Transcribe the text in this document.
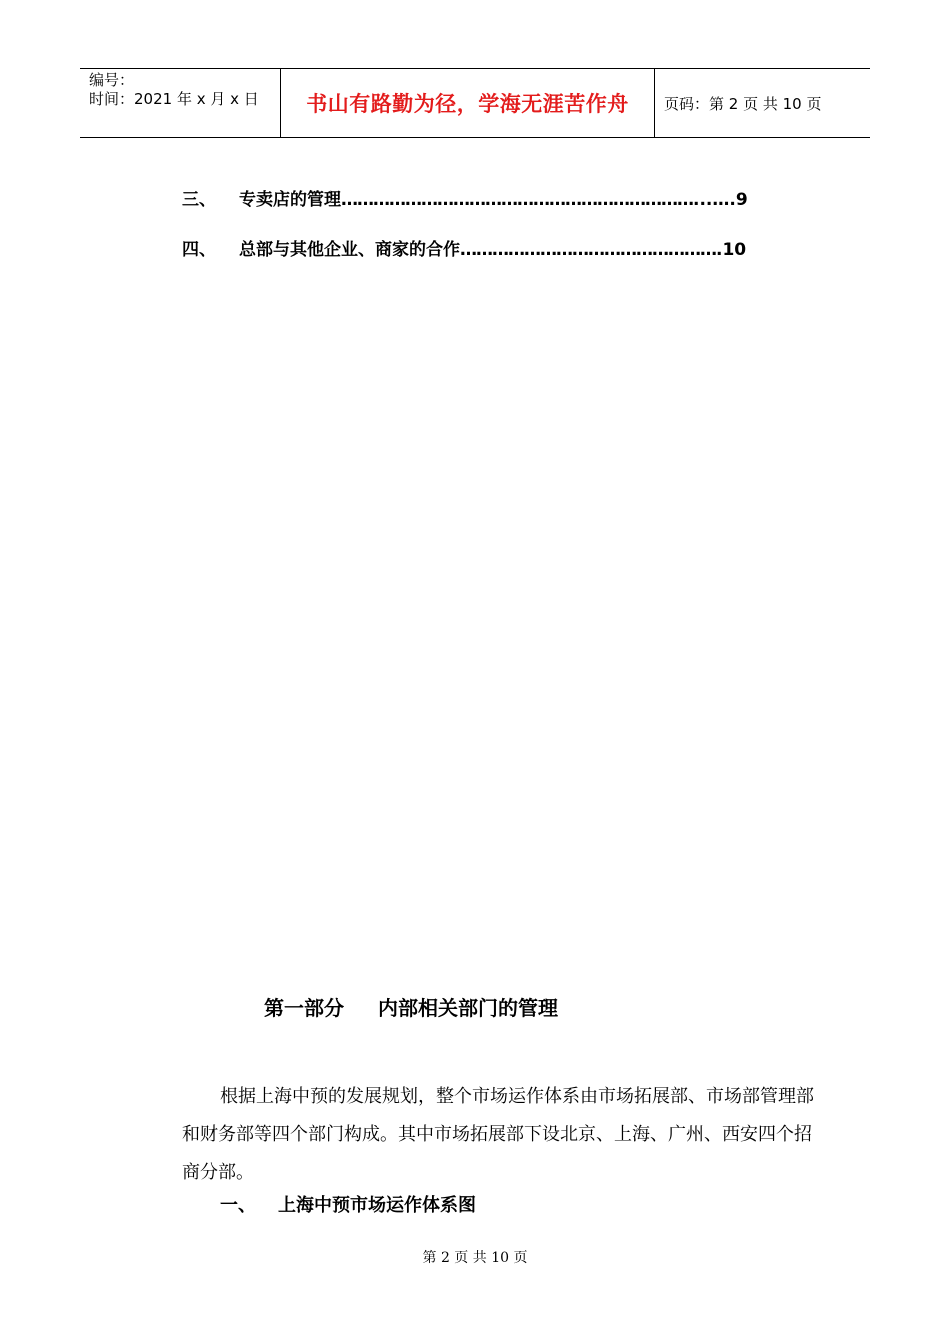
编号：
时间：2021 年 x 月 x 日	书山有路勤为径，学海无涯苦作舟 页码：第 2 页 共 10 页
三、 专卖店的管理…………………………………………………………...….9
四、 总部与其他企业、商家的合作………………………………………….10
第一部分 内部相关部门的管理
根据上海中预的发展规划，整个市场运作体系由市场拓展部、市场部管理部和财务部等四个部门构成。其中市场拓展部下设北京、上海、广州、西安四个招商分部。
一、 上海中预市场运作体系图
第 2 页 共 10 页
